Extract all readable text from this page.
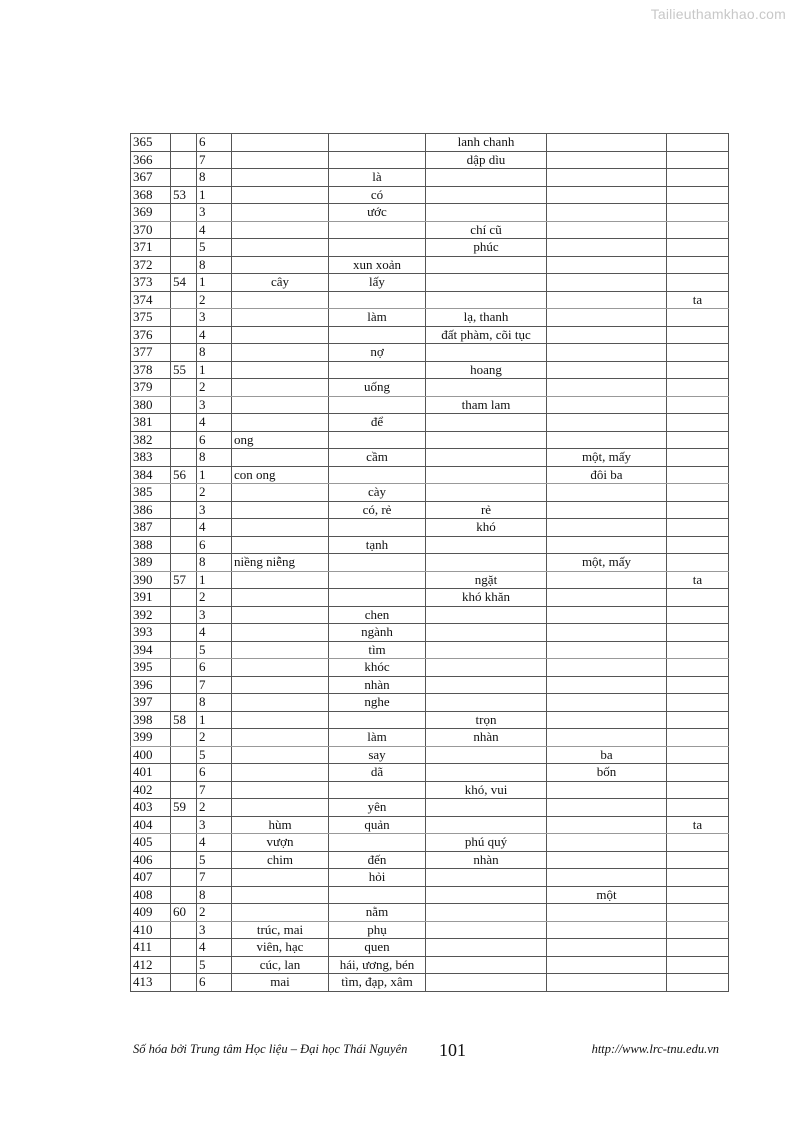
Tailieuthamkhao.com
365		6			lanh chanh		
366		7			dập dìu		
367		8		là			
368	53	1		có			
369		3		ước			
370		4			chí cũ		
371		5			phúc		
372		8		xun xoản			
373	54	1	cây	lấy			
374		2					ta
375		3		làm	lạ, thanh		
376		4			đất phàm, cõi tục		
377		8		nợ			
378	55	1			hoang		
379		2		uống			
380		3			tham lam		
381		4		để			
382		6	ong				
383		8		cầm		một, mấy	
384	56	1	con ong			đôi ba	
385		2		cày			
386		3		có, rẻ	rẻ		
387		4			khó		
388		6		tạnh			
389		8	niềng niễng			một, mấy	
390	57	1			ngặt		ta
391		2			khó khăn		
392		3		chen			
393		4		ngành			
394		5		tìm			
395		6		khóc			
396		7		nhàn			
397		8		nghe			
398	58	1			trọn		
399		2		làm	nhàn		
400		5		say		ba	
401		6		dã		bốn	
402		7			khó, vui		
403	59	2		yên			
404		3	hùm	quản			ta
405		4	vượn		phú quý		
406		5	chim	đến	nhàn		
407		7		hỏi			
408		8				một	
409	60	2		nằm			
410		3	trúc, mai	phụ			
411		4	viên, hạc	quen			
412		5	cúc, lan	hái, ương, bén			
413		6	mai	tìm, đạp, xâm			
Số hóa bởi Trung tâm Học liệu – Đại học Thái Nguyên 101	http://www.lrc-tnu.edu.vn
